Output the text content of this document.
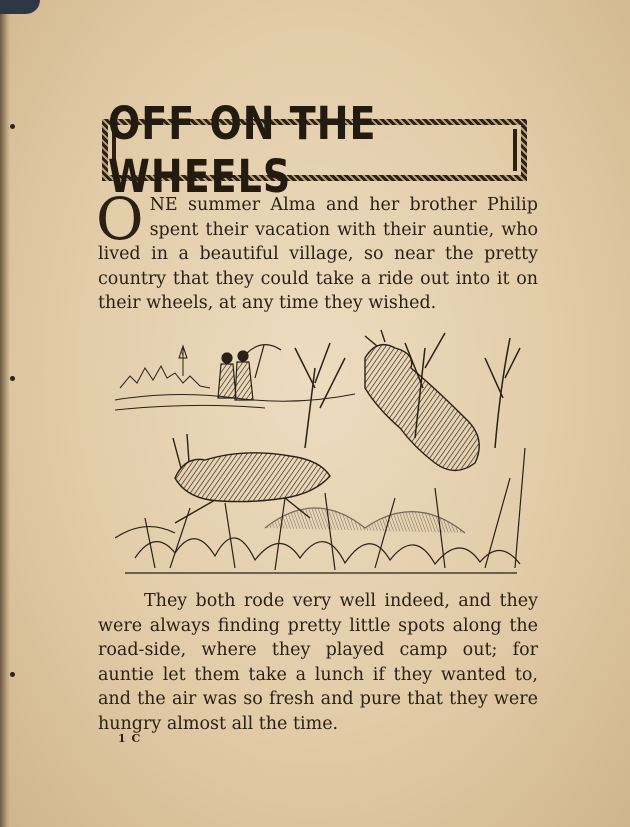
OFF ON THE WHEELS
ONE summer Alma and her brother Philip spent their vacation with their auntie, who lived in a beautiful village, so near the pretty country that they could take a ride out into it on their wheels, at any time they wished.
They both rode very well indeed, and they were always finding pretty little spots along the road-side, where they played camp out; for auntie let them take a lunch if they wanted to, and the air was so fresh and pure that they were hungry almost all the time.
1 C
